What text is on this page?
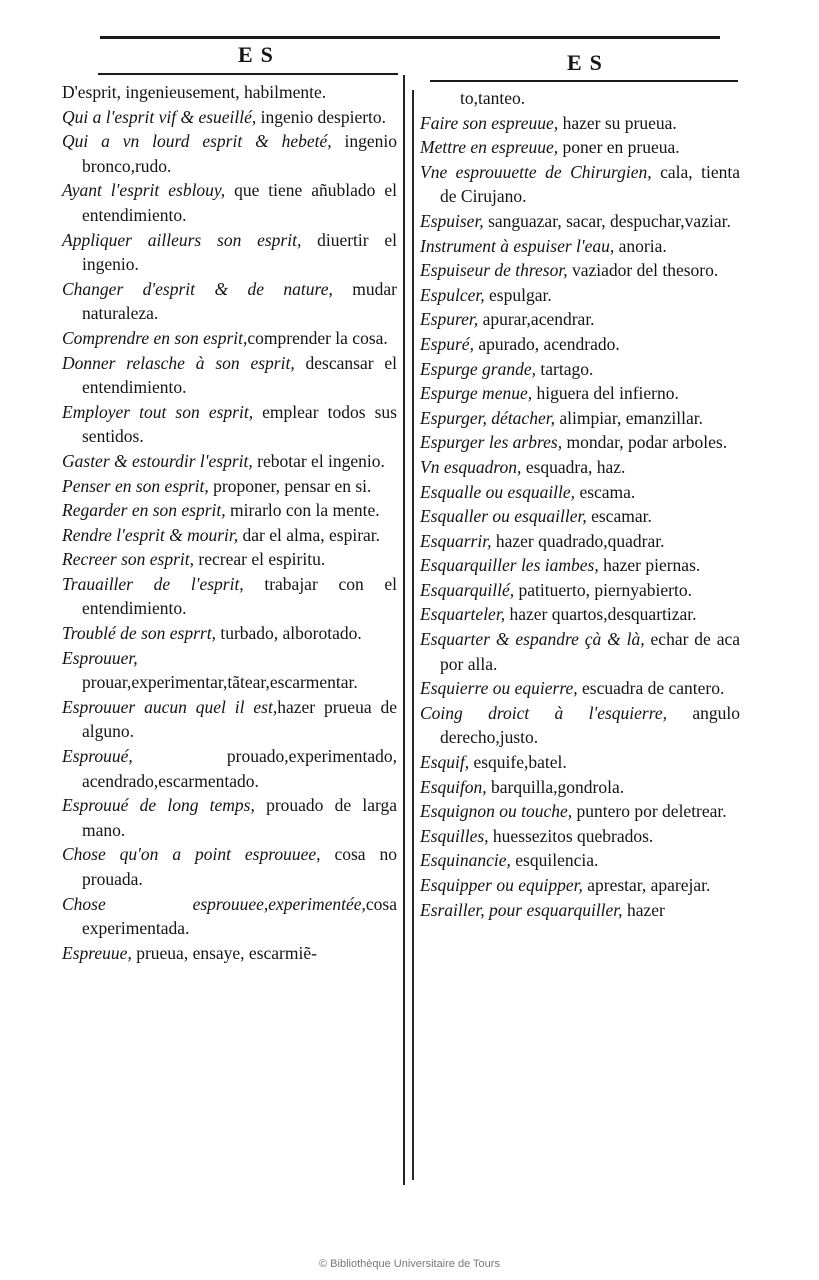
ES	ES
D'esprit, ingenieusement, habilmente.
Qui a l'esprit vif & esueillé, ingenio despierto.
Qui a vn lourd esprit & hebeté, ingenio bronco,rudo.
Ayant l'esprit esblouy, que tiene añublado el entendimiento.
Appliquer ailleurs son esprit, diuertir el ingenio.
Changer d'esprit & de nature, mudar naturaleza.
Comprendre en son esprit,comprender la cosa.
Donner relasche à son esprit, descansar el entendimiento.
Employer tout son esprit, emplear todos sus sentidos.
Gaster & estourdir l'esprit, rebotar el ingenio.
Penser en son esprit, proponer, pensar en si.
Regarder en son esprit, mirarlo con la mente.
Rendre l'esprit & mourir, dar el alma, espirar.
Recreer son esprit, recrear el espiritu.
Trauailler de l'esprit, trabajar con el entendimiento.
Troublé de son esprrt, turbado, alborotado.
Esprouuer, prouar,experimentar,tãtear,escarmentar.
Esprouuer aucun quel il est,hazer prueua de alguno.
Esprouué, prouado,experimentado, acendrado,escarmentado.
Esprouué de long temps, prouado de larga mano.
Chose qu'on a point esprouuee, cosa no prouada.
Chose esprouuee,experimentée,cosa experimentada.
Espreuue, prueua, ensaye, escarmiẽ-
to,tanteo.
Faire son espreuue, hazer su prueua.
Mettre en espreuue, poner en prueua.
Vne esprouuette de Chirurgien, cala, tienta de Cirujano.
Espuiser, sanguazar, sacar, despuchar,vaziar.
Instrument à espuiser l'eau, anoria.
Espuiseur de thresor, vaziador del thesoro.
Espulcer, espulgar.
Espurer, apurar,acendrar.
Espuré, apurado, acendrado.
Espurge grande, tartago.
Espurge menue, higuera del infierno.
Espurger, détacher, alimpiar, emanzillar.
Espurger les arbres, mondar, podar arboles.
Vn esquadron, esquadra, haz.
Esqualle ou esquaille, escama.
Esqualler ou esquailler, escamar.
Esquarrir, hazer quadrado,quadrar.
Esquarquiller les iambes, hazer piernas.
Esquarquillé, patituerto, piernyabierto.
Esquarteler, hazer quartos,desquartizar.
Esquarter & espandre çà & là, echar de aca por alla.
Esquierre ou equierre, escuadra de cantero.
Coing droict à l'esquierre, angulo derecho,justo.
Esquif, esquife,batel.
Esquifon, barquilla,gondrola.
Esquignon ou touche, puntero por deletrear.
Esquilles, huessezitos quebrados.
Esquinancie, esquilencia.
Esquipper ou equipper, aprestar, aparejar.
Esrailler, pour esquarquiller, hazer
© Bibliothèque Universitaire de Tours
